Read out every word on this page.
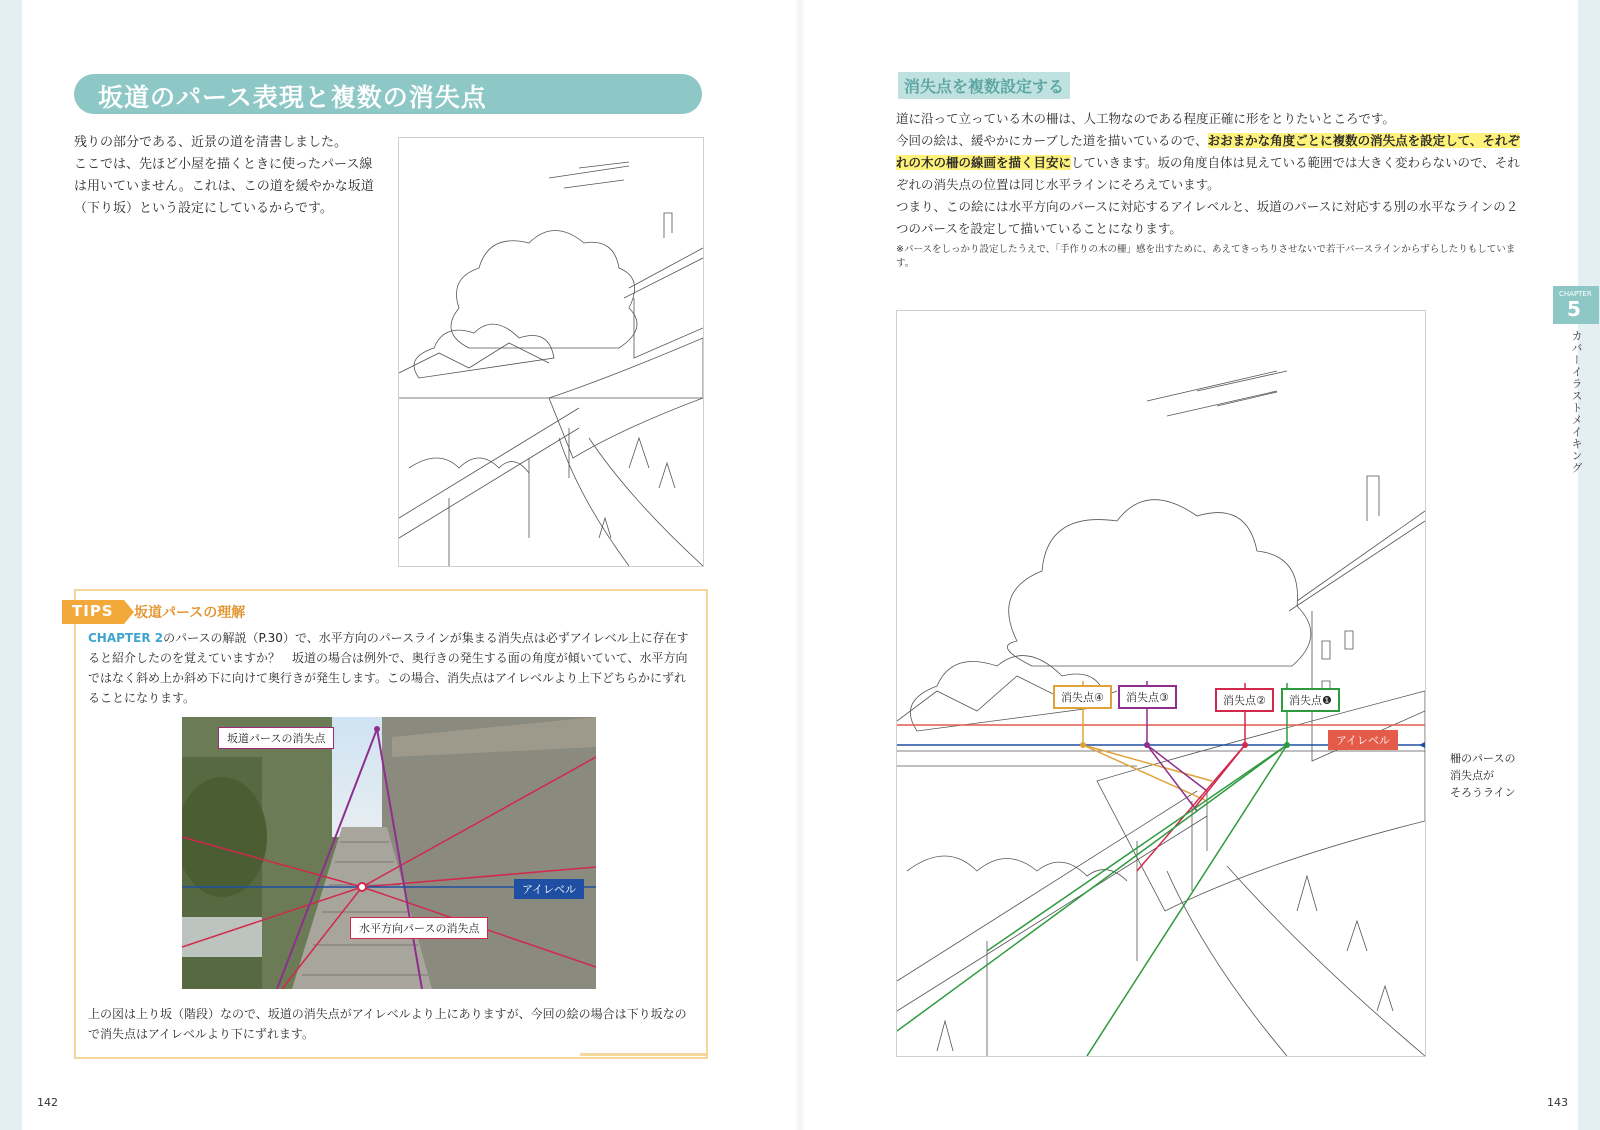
坂道のパース表現と複数の消失点
残りの部分である、近景の道を清書しました。
ここでは、先ほど小屋を描くときに使ったパース線
は用いていません。これは、この道を緩やかな坂道
（下り坂）という設定にしているからです。
TIPS 坂道パースの理解
CHAPTER 2のパースの解説（P.30）で、水平方向のパースラインが集まる消失点は必ずアイレベル上に存在すると紹介したのを覚えていますか？　坂道の場合は例外で、奥行きの発生する面の角度が傾いていて、水平方向ではなく斜め上か斜め下に向けて奥行きが発生します。この場合、消失点はアイレベルより上下どちらかにずれることになります。
坂道パースの消失点
アイレベル
水平方向パースの消失点
上の図は上り坂（階段）なので、坂道の消失点がアイレベルより上にありますが、今回の絵の場合は下り坂なので消失点はアイレベルより下にずれます。
142
消失点を複数設定する
道に沿って立っている木の柵は、人工物なのである程度正確に形をとりたいところです。
今回の絵は、緩やかにカーブした道を描いているので、おおまかな角度ごとに複数の消失点を設定して、それぞれの木の柵の線画を描く目安にしていきます。坂の角度自体は見えている範囲では大きく変わらないので、それぞれの消失点の位置は同じ水平ラインにそろえています。
つまり、この絵には水平方向のパースに対応するアイレベルと、坂道のパースに対応する別の水平なラインの２つのパースを設定して描いていることになります。
※パースをしっかり設定したうえで、「手作りの木の柵」感を出すために、あえてきっちりさせないで若干パースラインからずらしたりもしています。
消失点④	消失点③	消失点②	消失点❶
アイレベル
柵のパースの
消失点が
そろうライン
CHAPTER
5
カバーイラストメイキング
143
